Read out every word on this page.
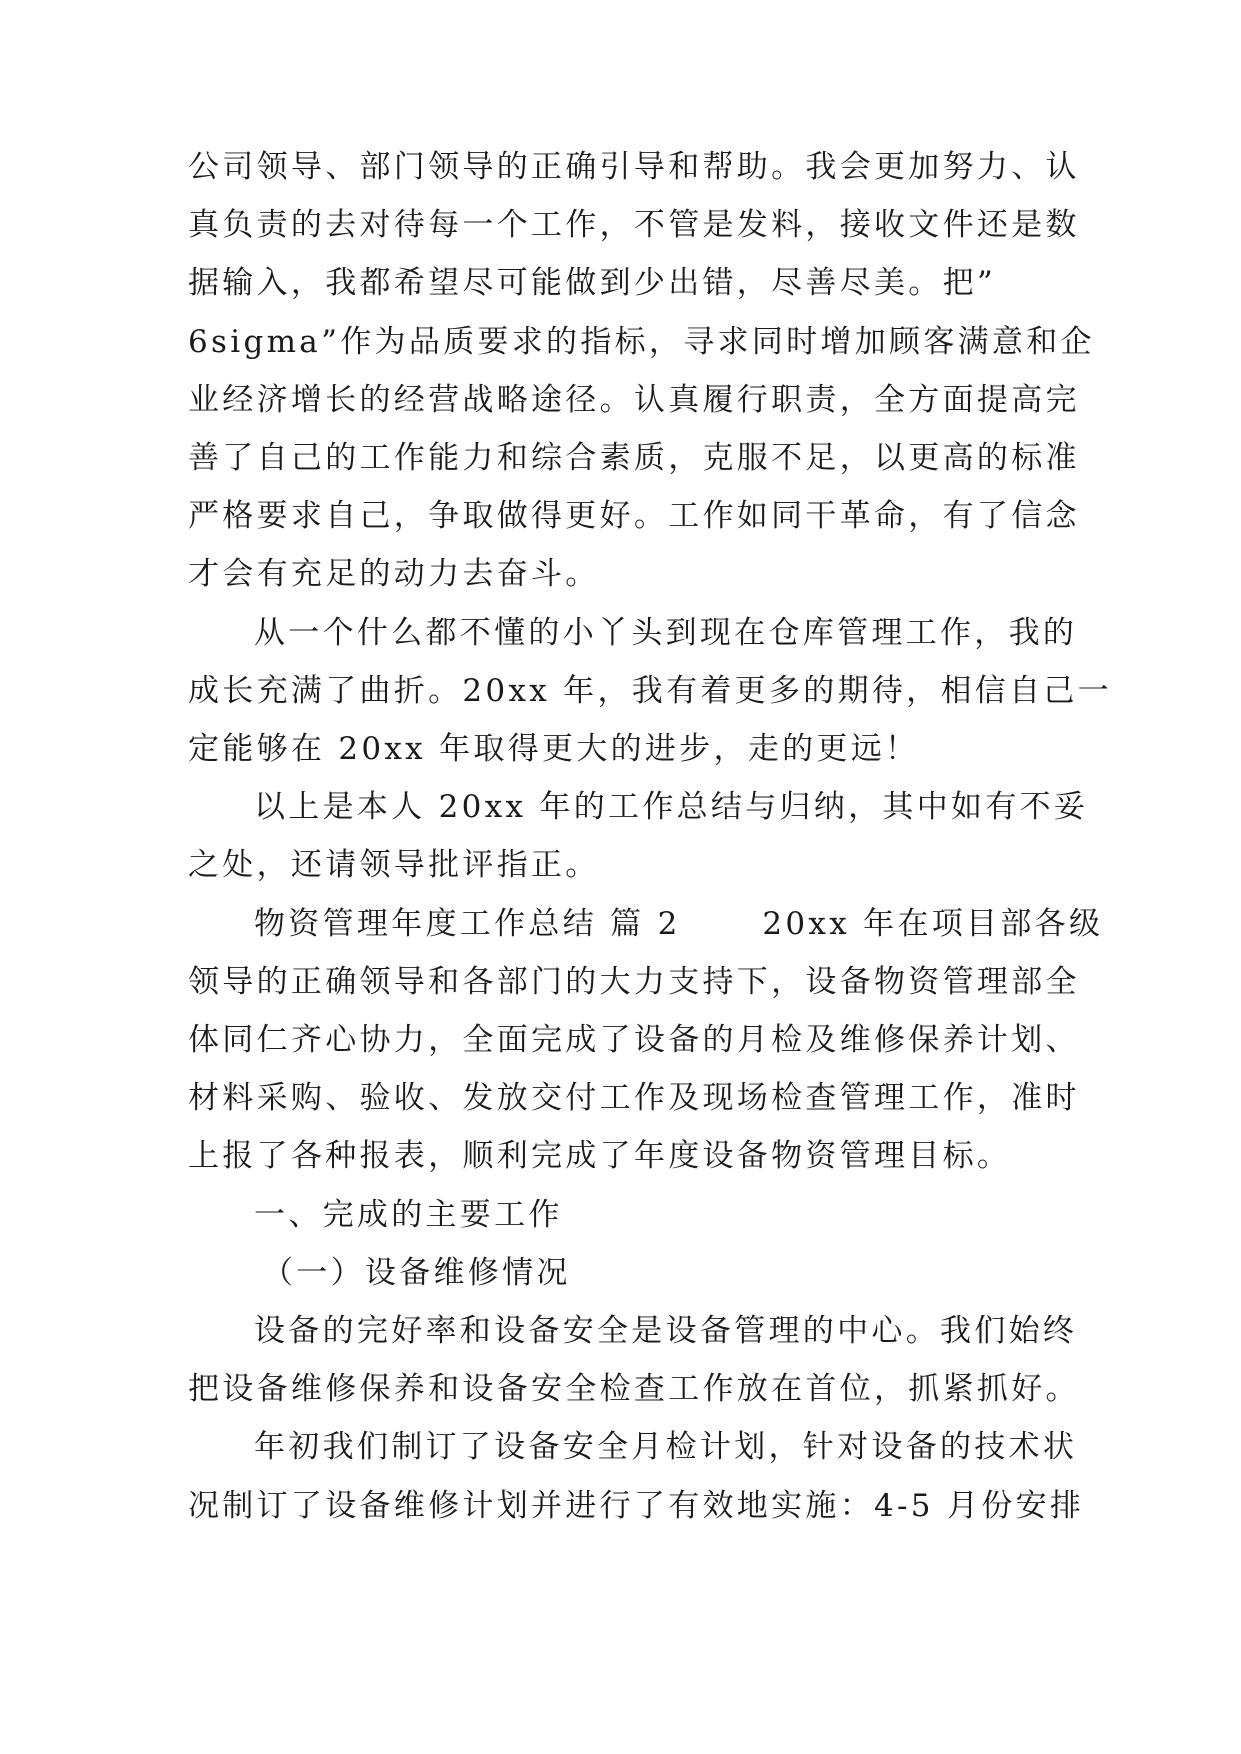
公司领导、部门领导的正确引导和帮助。我会更加努力、认
真负责的去对待每一个工作，不管是发料，接收文件还是数
据输入，我都希望尽可能做到少出错，尽善尽美。把”
6sigma”作为品质要求的指标，寻求同时增加顾客满意和企
业经济增长的经营战略途径。认真履行职责，全方面提高完
善了自己的工作能力和综合素质，克服不足，以更高的标准
严格要求自己，争取做得更好。工作如同干革命，有了信念
才会有充足的动力去奋斗。
从一个什么都不懂的小丫头到现在仓库管理工作，我的
成长充满了曲折。20xx 年，我有着更多的期待，相信自己一
定能够在 20xx 年取得更大的进步，走的更远！
以上是本人 20xx 年的工作总结与归纳，其中如有不妥
之处，还请领导批评指正。
物资管理年度工作总结 篇 2 　　20xx 年在项目部各级
领导的正确领导和各部门的大力支持下，设备物资管理部全
体同仁齐心协力，全面完成了设备的月检及维修保养计划、
材料采购、验收、发放交付工作及现场检查管理工作，准时
上报了各种报表，顺利完成了年度设备物资管理目标。
一、完成的主要工作
（一）设备维修情况
设备的完好率和设备安全是设备管理的中心。我们始终
把设备维修保养和设备安全检查工作放在首位，抓紧抓好。
年初我们制订了设备安全月检计划，针对设备的技术状
况制订了设备维修计划并进行了有效地实施：4-5 月份安排
